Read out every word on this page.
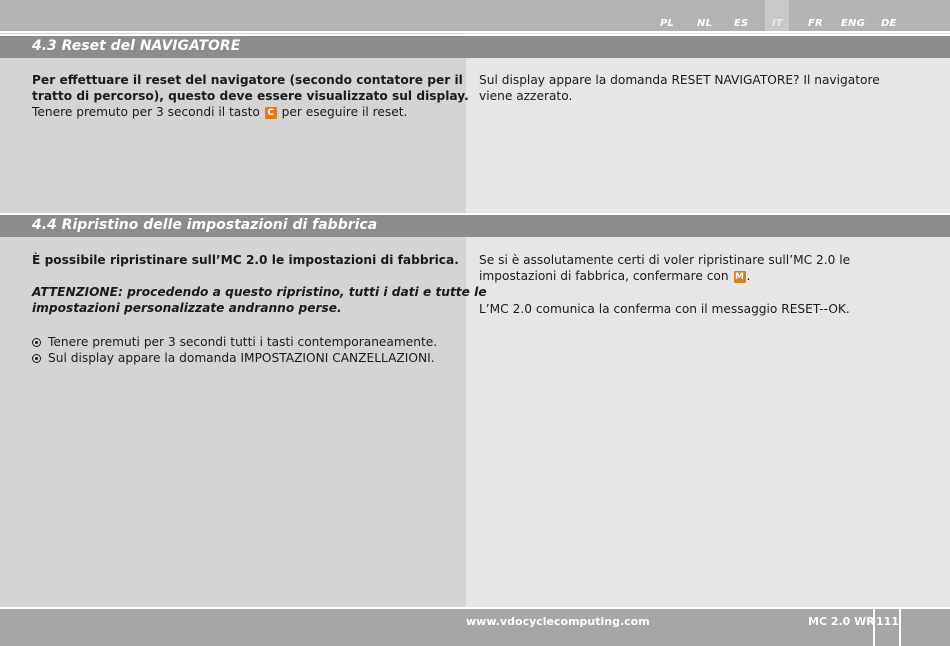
PL NL ES IT	FR ENG DE
4.3 Reset del NAVIGATORE
Per effettuare il reset del navigatore (secondo contatore per il
tratto di percorso), questo deve essere visualizzato sul display.
Tenere premuto per 3 secondi il tasto C per eseguire il reset.
Sul display appare la domanda RESET NAVIGATORE? Il navigatore
viene azzerato.
4.4 Ripristino delle impostazioni di fabbrica
È possibile ripristinare sull’MC 2.0 le impostazioni di fabbrica.
ATTENZIONE: procedendo a questo ripristino, tutti i dati e tutte le
impostazioni personalizzate andranno perse.
Tenere premuti per 3 secondi tutti i tasti contemporaneamente.
Sul display appare la domanda IMPOSTAZIONI CANZELLAZIONI.
Se si è assolutamente certi di voler ripristinare sull’MC 2.0 le
impostazioni di fabbrica, confermare con M .
L’MC 2.0 comunica la conferma con il messaggio RESET--OK.
www.vdocyclecomputing.com	MC 2.0 WR 111
